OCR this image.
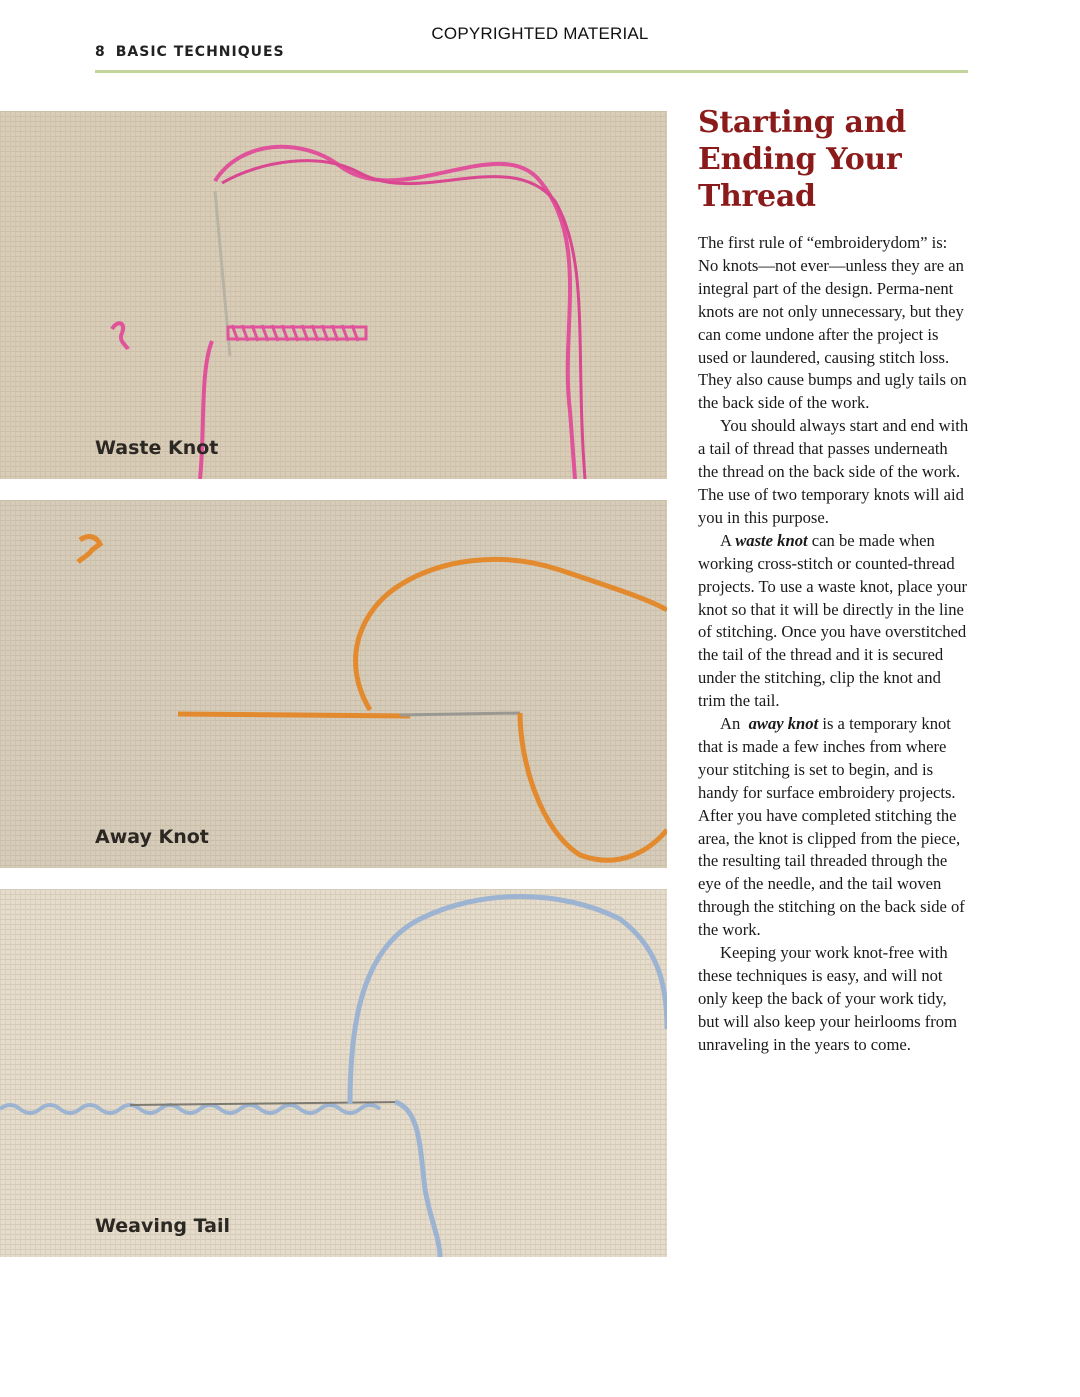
COPYRIGHTED MATERIAL
8 BASIC TECHNIQUES
Waste Knot
Away Knot
Weaving Tail
Starting and
Ending Your
Thread

The first rule of “embroiderydom” is: No knots—not ever—unless they are an integral part of the design. Perma-nent knots are not only unnecessary, but they can come undone after the project is used or laundered, causing stitch loss. They also cause bumps and ugly tails on the back side of the work.

You should always start and end with a tail of thread that passes underneath the thread on the back side of the work. The use of two temporary knots will aid you in this purpose.

A waste knot can be made when working cross-stitch or counted-thread projects. To use a waste knot, place your knot so that it will be directly in the line of stitching. Once you have overstitched the tail of the thread and it is secured under the stitching, clip the knot and trim the tail.

An away knot is a temporary knot that is made a few inches from where your stitching is set to begin, and is handy for surface embroidery projects. After you have completed stitching the area, the knot is clipped from the piece, the resulting tail threaded through the eye of the needle, and the tail woven through the stitching on the back side of the work.

Keeping your work knot-free with these techniques is easy, and will not only keep the back of your work tidy, but will also keep your heirlooms from unraveling in the years to come.
